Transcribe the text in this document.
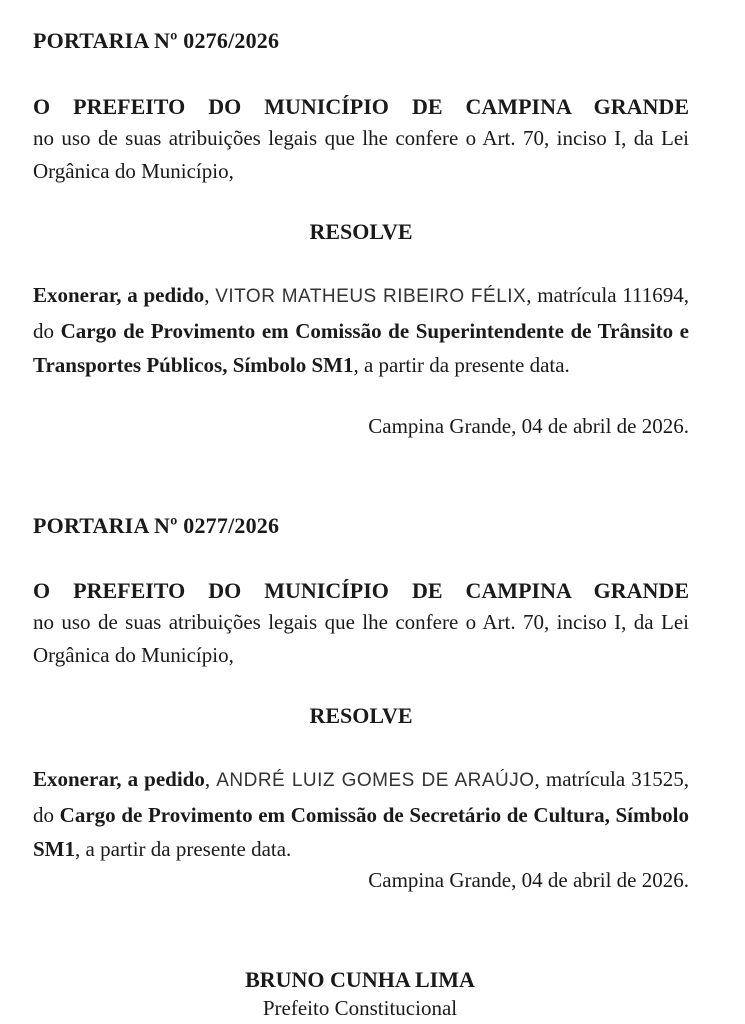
PORTARIA Nº 0276/2026

O PREFEITO DO MUNICÍPIO DE CAMPINA GRANDE

no uso de suas atribuições legais que lhe confere o Art. 70, inciso I, da Lei Orgânica do Município,

RESOLVE

Exonerar, a pedido, VITOR MATHEUS RIBEIRO FÉLIX, matrícula 111694, do Cargo de Provimento em Comissão de Superintendente de Trânsito e Transportes Públicos, Símbolo SM1, a partir da presente data.

Campina Grande, 04 de abril de 2026.

PORTARIA Nº 0277/2026

O PREFEITO DO MUNICÍPIO DE CAMPINA GRANDE

no uso de suas atribuições legais que lhe confere o Art. 70, inciso I, da Lei Orgânica do Município,

RESOLVE

Exonerar, a pedido, ANDRÉ LUIZ GOMES DE ARAÚJO, matrícula 31525, do Cargo de Provimento em Comissão de Secretário de Cultura, Símbolo SM1, a partir da presente data.

Campina Grande, 04 de abril de 2026.

BRUNO CUNHA LIMA

Prefeito Constitucional
